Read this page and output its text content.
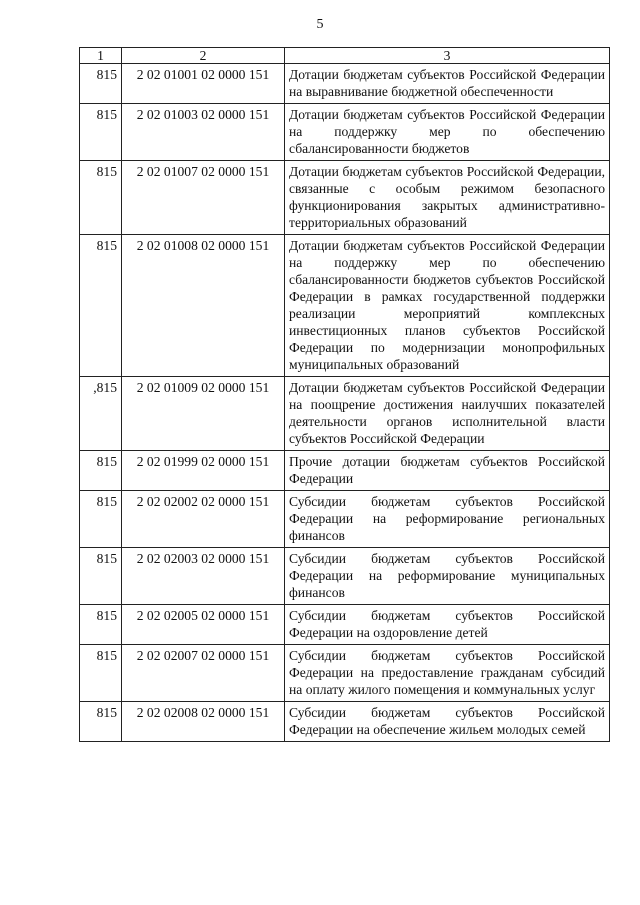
5
1	2	3
815	2 02 01001 02 0000 151	Дотации бюджетам субъектов Российской Федерации на выравнивание бюджетной обеспеченности
815	2 02 01003 02 0000 151	Дотации бюджетам субъектов Российской Федерации на поддержку мер по обеспечению сбалансированности бюджетов
815	2 02 01007 02 0000 151	Дотации бюджетам субъектов Российской Федерации, связанные с особым режимом безопасного функционирования закрытых административно-территориальных образований
815	2 02 01008 02 0000 151	Дотации бюджетам субъектов Российской Федерации на поддержку мер по обеспечению сбалансированности бюджетов субъектов Российской Федерации в рамках государственной поддержки реализации мероприятий комплексных инвестиционных планов субъектов Российской Федерации по модернизации монопрофильных муниципальных образований
,815	2 02 01009 02 0000 151	Дотации бюджетам субъектов Российской Федерации на поощрение достижения наилучших показателей деятельности органов исполнительной власти субъектов Российской Федерации
815	2 02 01999 02 0000 151	Прочие дотации бюджетам субъектов Российской Федерации
815	2 02 02002 02 0000 151	Субсидии бюджетам субъектов Российской Федерации на реформирование региональных финансов
815	2 02 02003 02 0000 151	Субсидии бюджетам субъектов Российской Федерации на реформирование муниципальных финансов
815	2 02 02005 02 0000 151	Субсидии бюджетам субъектов Российской Федерации на оздоровление детей
815	2 02 02007 02 0000 151	Субсидии бюджетам субъектов Российской Федерации на предоставление гражданам субсидий на оплату жилого помещения и коммунальных услуг
815	2 02 02008 02 0000 151	Субсидии бюджетам субъектов Российской Федерации на обеспечение жильем молодых семей
